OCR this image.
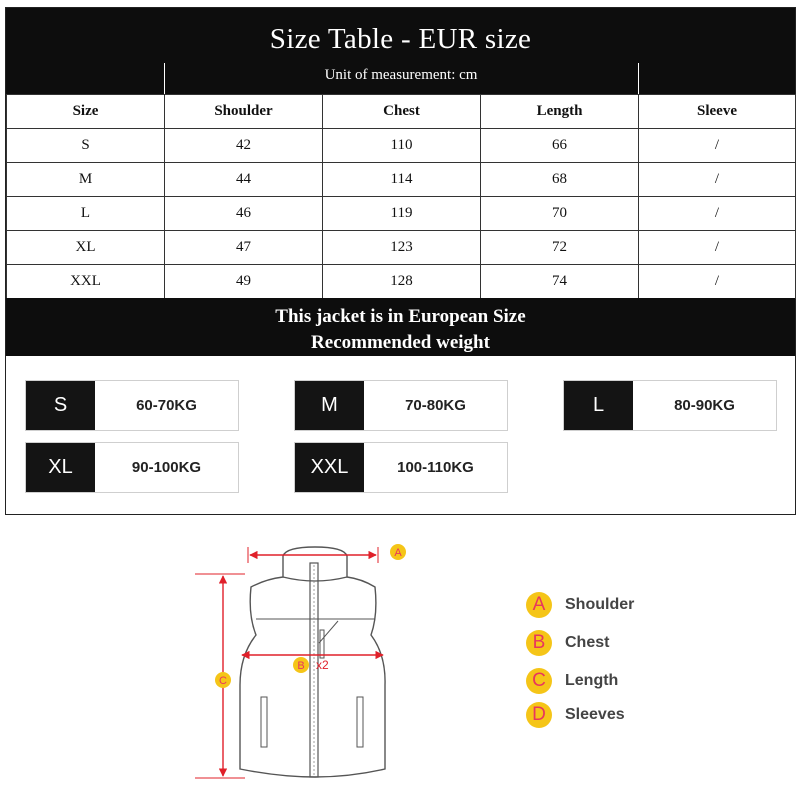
Size Table - EUR size
Unit of measurement: cm
Size	Shoulder	Chest	Length	Sleeve
S	42	110	66	/
M	44	114	68	/
L	46	119	70	/
XL	47	123	72	/
XXL	49	128	74	/
This jacket is in European Size
Recommended weight
S	60-70KG	M	70-80KG	L	80-90KG
XL	90-100KG	XXL	100-110KG
A
B x2
C
A	Shoulder
B	Chest
C	Length
D	Sleeves
